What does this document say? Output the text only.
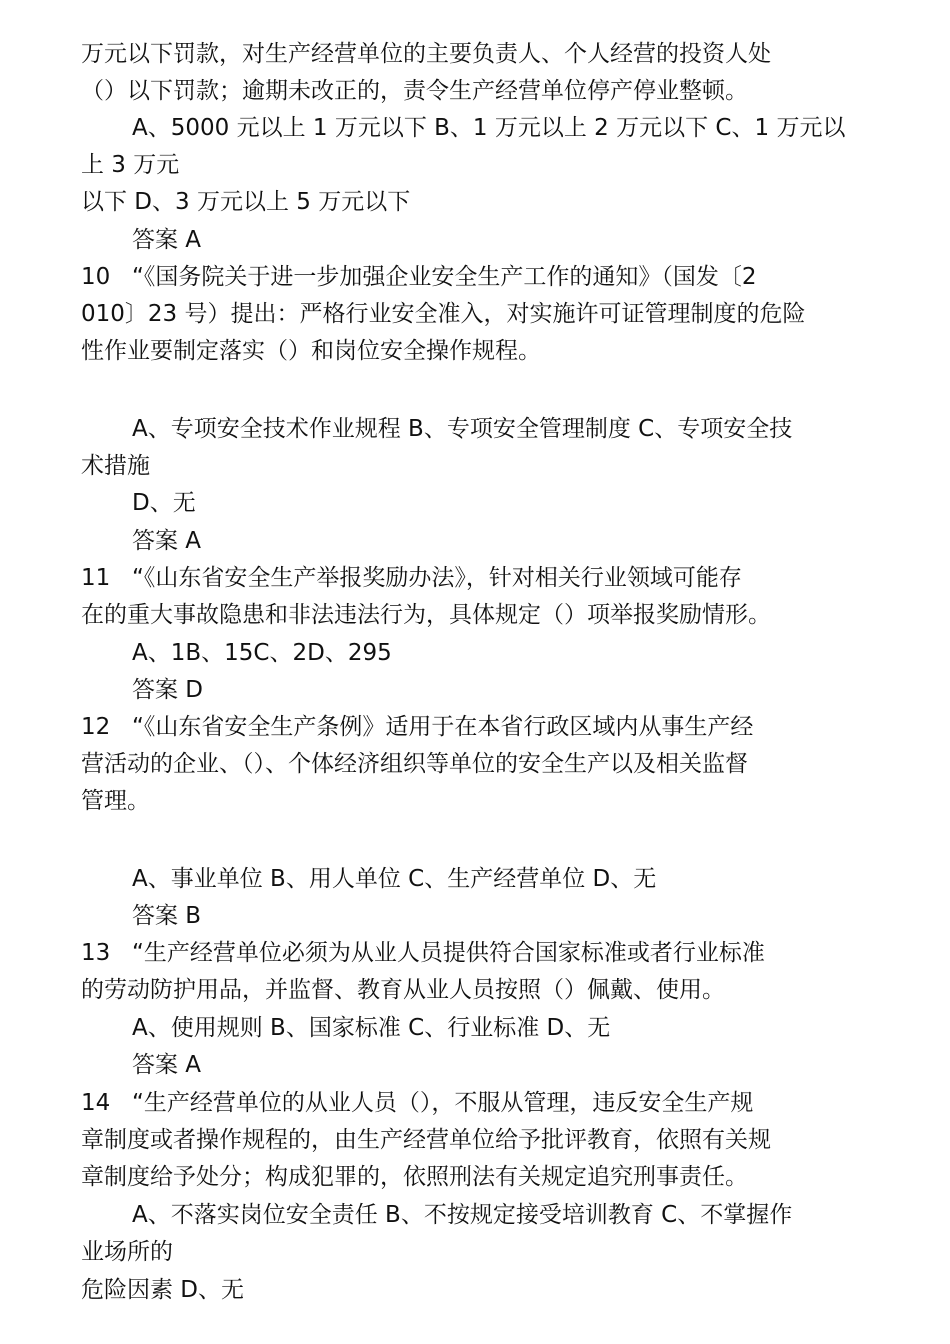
万元以下罚款，对生产经营单位的主要负责人、个人经营的投资人处
（）以下罚款；逾期未改正的，责令生产经营单位停产停业整顿。
A、5000 元以上 1 万元以下 B、1 万元以上 2 万元以下 C、1 万元以
上 3 万元
以下 D、3 万元以上 5 万元以下
答案 A
10 “《国务院关于进一步加强企业安全生产工作的通知》（国发〔2
010〕23 号）提出：严格行业安全准入，对实施许可证管理制度的危险
性作业要制定落实（）和岗位安全操作规程。
A、专项安全技术作业规程 B、专项安全管理制度 C、专项安全技
术措施
D、无
答案 A
11 “《山东省安全生产举报奖励办法》，针对相关行业领域可能存
在的重大事故隐患和非法违法行为，具体规定（）项举报奖励情形。
A、1B、15C、2D、295
答案 D
12 “《山东省安全生产条例》适用于在本省行政区域内从事生产经
营活动的企业、（）、个体经济组织等单位的安全生产以及相关监督
管理。
A、事业单位 B、用人单位 C、生产经营单位 D、无
答案 B
13 “生产经营单位必须为从业人员提供符合国家标准或者行业标准
的劳动防护用品，并监督、教育从业人员按照（）佩戴、使用。
A、使用规则 B、国家标准 C、行业标准 D、无
答案 A
14 “生产经营单位的从业人员（），不服从管理，违反安全生产规
章制度或者操作规程的，由生产经营单位给予批评教育，依照有关规
章制度给予处分；构成犯罪的，依照刑法有关规定追究刑事责任。
A、不落实岗位安全责任 B、不按规定接受培训教育 C、不掌握作
业场所的
危险因素 D、无
